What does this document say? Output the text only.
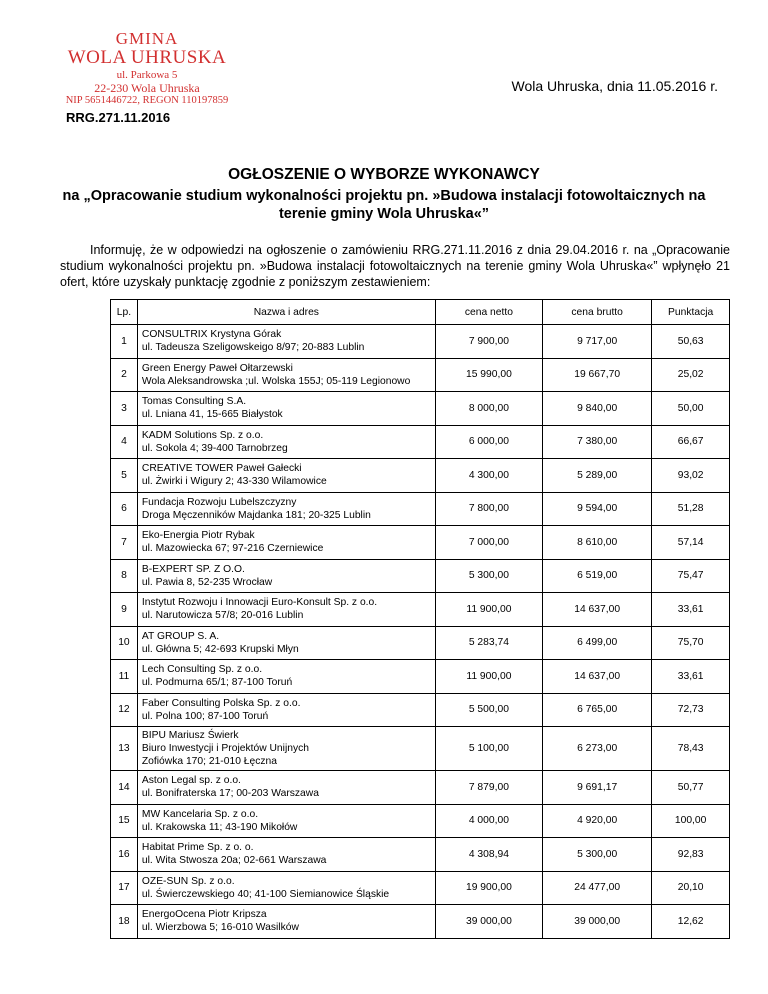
GMINA
WOLA UHRUSKA
ul. Parkowa 5
22-230 Wola Uhruska
NIP 5651446722, REGON 110197859
Wola Uhruska, dnia 11.05.2016 r.
RRG.271.11.2016
OGŁOSZENIE O WYBORZE WYKONAWCY
na „Opracowanie studium wykonalności projektu pn. »Budowa instalacji fotowoltaicznych na terenie gminy Wola Uhruska«”
Informuję, że w odpowiedzi na ogłoszenie o zamówieniu RRG.271.11.2016 z dnia 29.04.2016 r. na „Opracowanie studium wykonalności projektu pn. »Budowa instalacji fotowoltaicznych na terenie gminy Wola Uhruska«” wpłynęło 21 ofert, które uzyskały punktację zgodnie z poniższym zestawieniem:
Lp.	Nazwa i adres	cena netto	cena brutto	Punktacja
1	CONSULTRIX Krystyna Górak
ul. Tadeusza Szeligowskeigo 8/97; 20-883 Lublin	7 900,00	9 717,00	50,63
2	Green Energy Paweł Ołtarzewski
Wola Aleksandrowska ;ul. Wolska 155J; 05-119 Legionowo	15 990,00	19 667,70	25,02
3	Tomas Consulting S.A.
ul. Lniana 41, 15-665 Białystok	8 000,00	9 840,00	50,00
4	KADM Solutions Sp. z o.o.
ul. Sokola 4; 39-400 Tarnobrzeg	6 000,00	7 380,00	66,67
5	CREATIVE TOWER Paweł Gałecki
ul. Żwirki i Wigury 2; 43-330 Wilamowice	4 300,00	5 289,00	93,02
6	Fundacja Rozwoju Lubelszczyzny
Droga Męczenników Majdanka 181; 20-325 Lublin	7 800,00	9 594,00	51,28
7	Eko-Energia Piotr Rybak
ul. Mazowiecka 67; 97-216 Czerniewice	7 000,00	8 610,00	57,14
8	B-EXPERT SP. Z O.O.
ul. Pawia 8, 52-235 Wrocław	5 300,00	6 519,00	75,47
9	Instytut Rozwoju i Innowacji Euro-Konsult Sp. z o.o.
ul. Narutowicza 57/8; 20-016 Lublin	11 900,00	14 637,00	33,61
10	AT GROUP S. A.
ul. Główna 5; 42-693 Krupski Młyn	5 283,74	6 499,00	75,70
11	Lech Consulting Sp. z o.o.
ul. Podmurna 65/1; 87-100 Toruń	11 900,00	14 637,00	33,61
12	Faber Consulting Polska Sp. z o.o.
ul. Polna 100; 87-100 Toruń	5 500,00	6 765,00	72,73
13	BIPU Mariusz Świerk
Biuro Inwestycji i Projektów Unijnych
Zofiówka 170; 21-010 Łęczna	5 100,00	6 273,00	78,43
14	Aston Legal sp. z o.o.
ul. Bonifraterska 17; 00-203 Warszawa	7 879,00	9 691,17	50,77
15	MW Kancelaria Sp. z o.o.
ul. Krakowska 11; 43-190 Mikołów	4 000,00	4 920,00	100,00
16	Habitat Prime Sp. z o. o.
ul. Wita Stwosza 20a; 02-661 Warszawa	4 308,94	5 300,00	92,83
17	OZE-SUN Sp. z o.o.
ul. Świerczewskiego 40; 41-100 Siemianowice Śląskie	19 900,00	24 477,00	20,10
18	EnergoOcena Piotr Kripsza
ul. Wierzbowa 5; 16-010 Wasilków	39 000,00	39 000,00	12,62
